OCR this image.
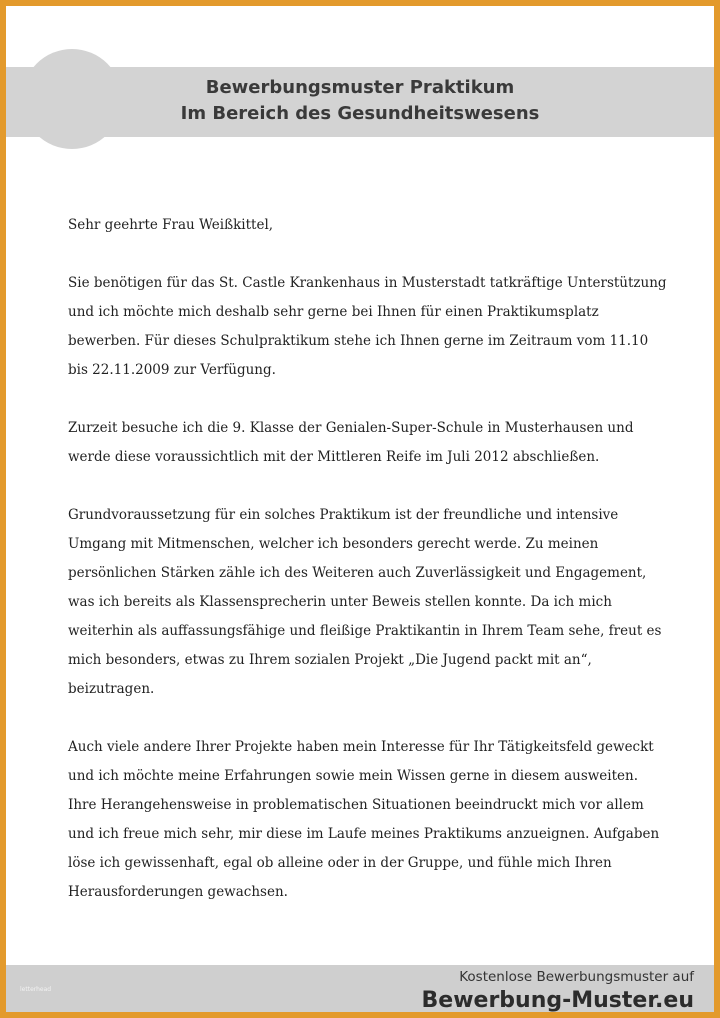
Bewerbungsmuster Praktikum
Im Bereich des Gesundheitswesens

Sehr geehrte Frau Weißkittel,

Sie benötigen für das St. Castle Krankenhaus in Musterstadt tatkräftige Unterstützung und ich möchte mich deshalb sehr gerne bei Ihnen für einen Praktikumsplatz bewerben. Für dieses Schulpraktikum stehe ich Ihnen gerne im Zeitraum vom 11.10 bis 22.11.2009 zur Verfügung.

Zurzeit besuche ich die 9. Klasse der Genialen-Super-Schule in Musterhausen und werde diese voraussichtlich mit der Mittleren Reife im Juli 2012 abschließen.

Grundvoraussetzung für ein solches Praktikum ist der freundliche und intensive Umgang mit Mitmenschen, welcher ich besonders gerecht werde. Zu meinen persönlichen Stärken zähle ich des Weiteren auch Zuverlässigkeit und Engagement, was ich bereits als Klassensprecherin unter Beweis stellen konnte. Da ich mich weiterhin als auffassungsfähige und fleißige Praktikantin in Ihrem Team sehe, freut es mich besonders, etwas zu Ihrem sozialen Projekt „Die Jugend packt mit an“, beizutragen.

Auch viele andere Ihrer Projekte haben mein Interesse für Ihr Tätigkeitsfeld geweckt und ich möchte meine Erfahrungen sowie mein Wissen gerne in diesem ausweiten. Ihre Herangehensweise in problematischen Situationen beeindruckt mich vor allem und ich freue mich sehr, mir diese im Laufe meines Praktikums anzueignen. Aufgaben löse ich gewissenhaft, egal ob alleine oder in der Gruppe, und fühle mich Ihren Herausforderungen gewachsen.

letterhead
Kostenlose Bewerbungsmuster auf
Bewerbung-Muster.eu
